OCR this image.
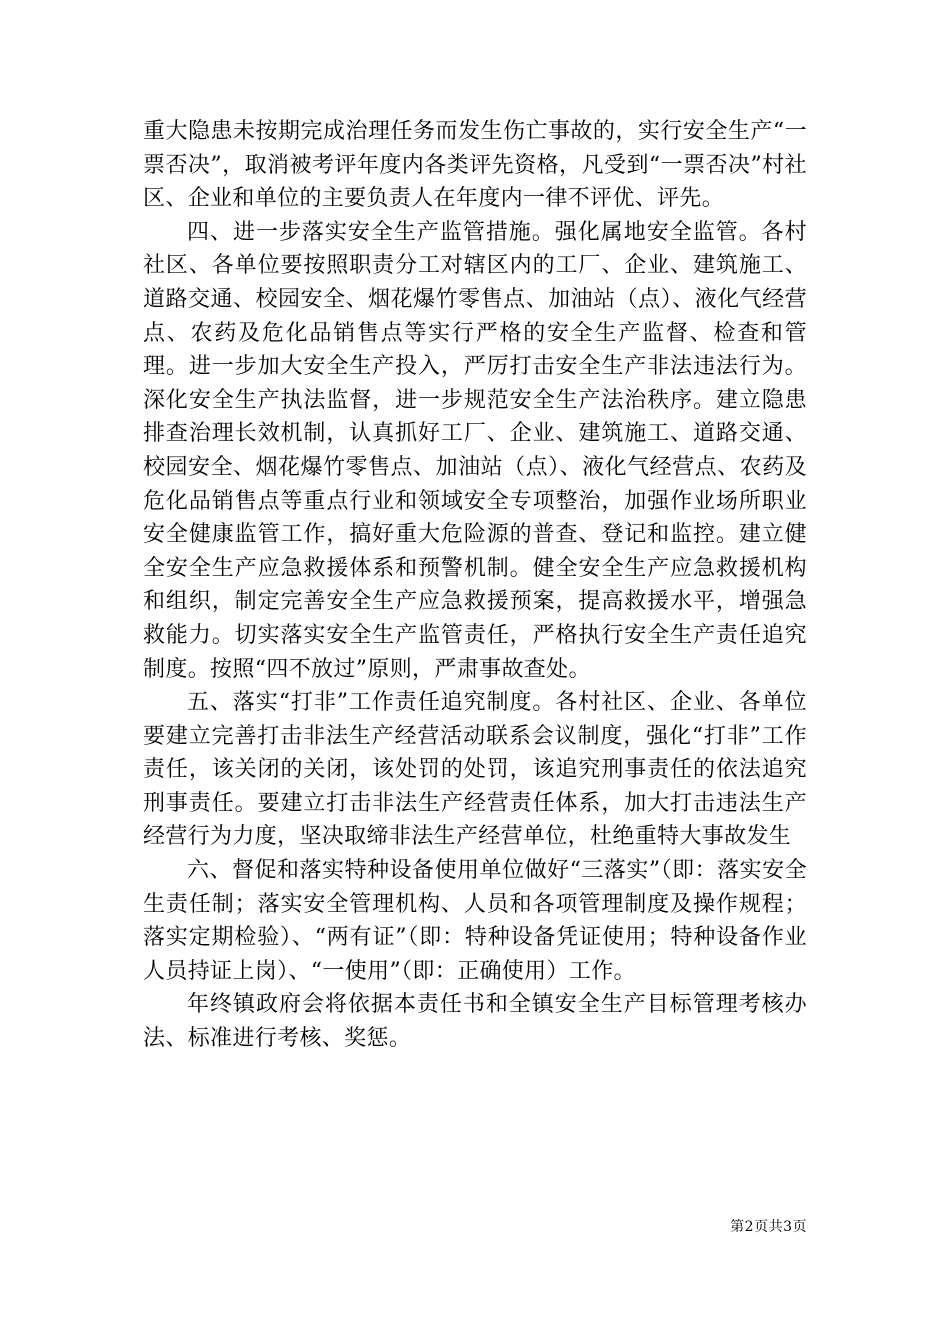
重大隐患未按期完成治理任务而发生伤亡事故的，实行安全生产“一票否决”，取消被考评年度内各类评先资格，凡受到“一票否决”村社区、企业和单位的主要负责人在年度内一律不评优、评先。

四、进一步落实安全生产监管措施。强化属地安全监管。各村社区、各单位要按照职责分工对辖区内的工厂、企业、建筑施工、道路交通、校园安全、烟花爆竹零售点、加油站（点）、液化气经营点、农药及危化品销售点等实行严格的安全生产监督、检查和管理。进一步加大安全生产投入，严厉打击安全生产非法违法行为。深化安全生产执法监督，进一步规范安全生产法治秩序。建立隐患排查治理长效机制，认真抓好工厂、企业、建筑施工、道路交通、校园安全、烟花爆竹零售点、加油站（点）、液化气经营点、农药及危化品销售点等重点行业和领域安全专项整治，加强作业场所职业安全健康监管工作，搞好重大危险源的普查、登记和监控。建立健全安全生产应急救援体系和预警机制。健全安全生产应急救援机构和组织，制定完善安全生产应急救援预案，提高救援水平，增强急救能力。切实落实安全生产监管责任，严格执行安全生产责任追究制度。按照“四不放过”原则，严肃事故查处。

五、落实“打非”工作责任追究制度。各村社区、企业、各单位要建立完善打击非法生产经营活动联系会议制度，强化“打非”工作责任，该关闭的关闭，该处罚的处罚，该追究刑事责任的依法追究刑事责任。要建立打击非法生产经营责任体系，加大打击违法生产经营行为力度，坚决取缔非法生产经营单位，杜绝重特大事故发生

六、督促和落实特种设备使用单位做好“三落实”（即：落实安全生责任制；落实安全管理机构、人员和各项管理制度及操作规程；落实定期检验）、“两有证”（即：特种设备凭证使用；特种设备作业人员持证上岗）、“一使用”（即：正确使用）工作。

年终镇政府会将依据本责任书和全镇安全生产目标管理考核办法、标准进行考核、奖惩。

第2页共3页
